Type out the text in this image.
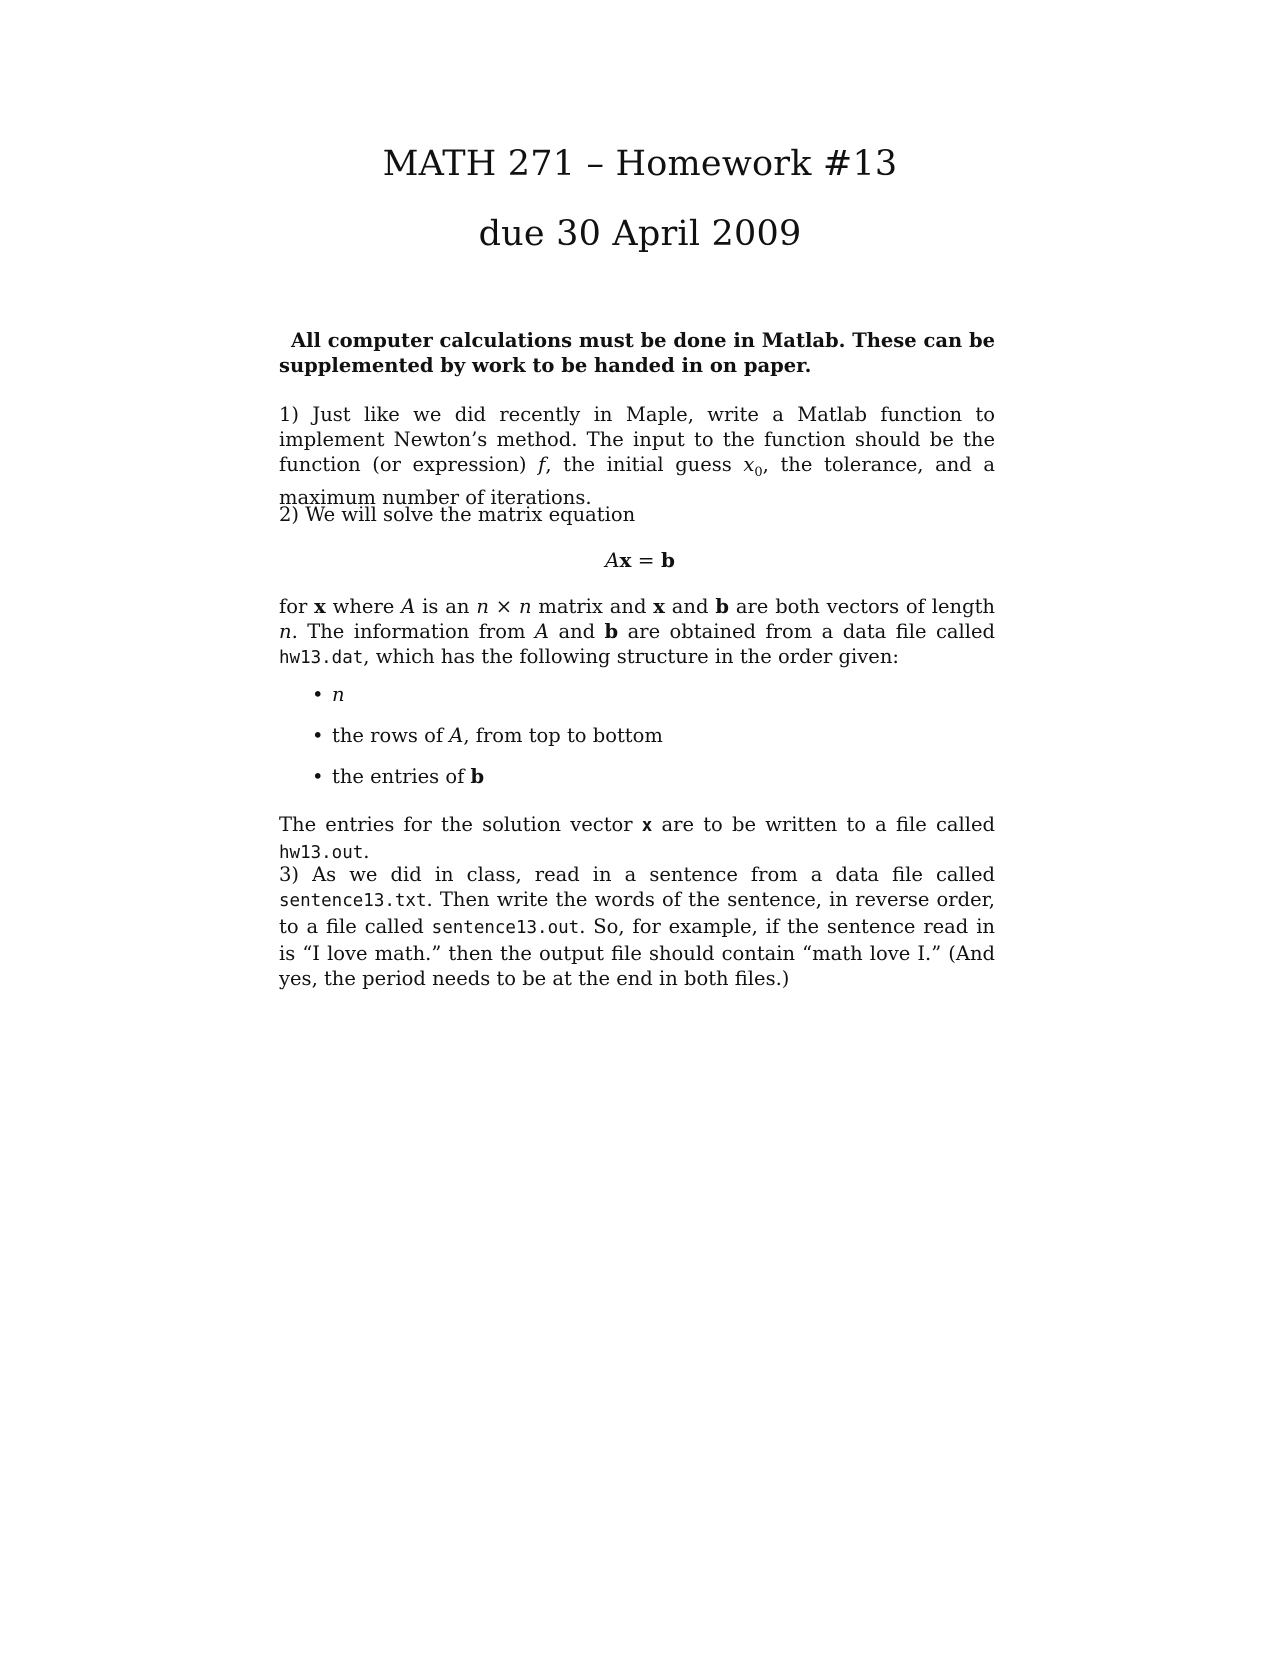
MATH 271 – Homework #13
due 30 April 2009
All computer calculations must be done in Matlab. These can be supplemented by work to be handed in on paper.
1) Just like we did recently in Maple, write a Matlab function to implement Newton’s method. The input to the function should be the function (or expression) f, the initial guess $x_0$, the tolerance, and a maximum number of iterations.
2) We will solve the matrix equation
Ax = b
for x where A is an n × n matrix and x and b are both vectors of length n. The information from A and b are obtained from a data file called hw13.dat, which has the following structure in the order given:
• n
• the rows of A, from top to bottom
• the entries of b
The entries for the solution vector x are to be written to a file called hw13.out.
3) As we did in class, read in a sentence from a data file called sentence13.txt. Then write the words of the sentence, in reverse order, to a file called sentence13.out. So, for example, if the sentence read in is “I love math.” then the output file should contain “math love I.” (And yes, the period needs to be at the end in both files.)
